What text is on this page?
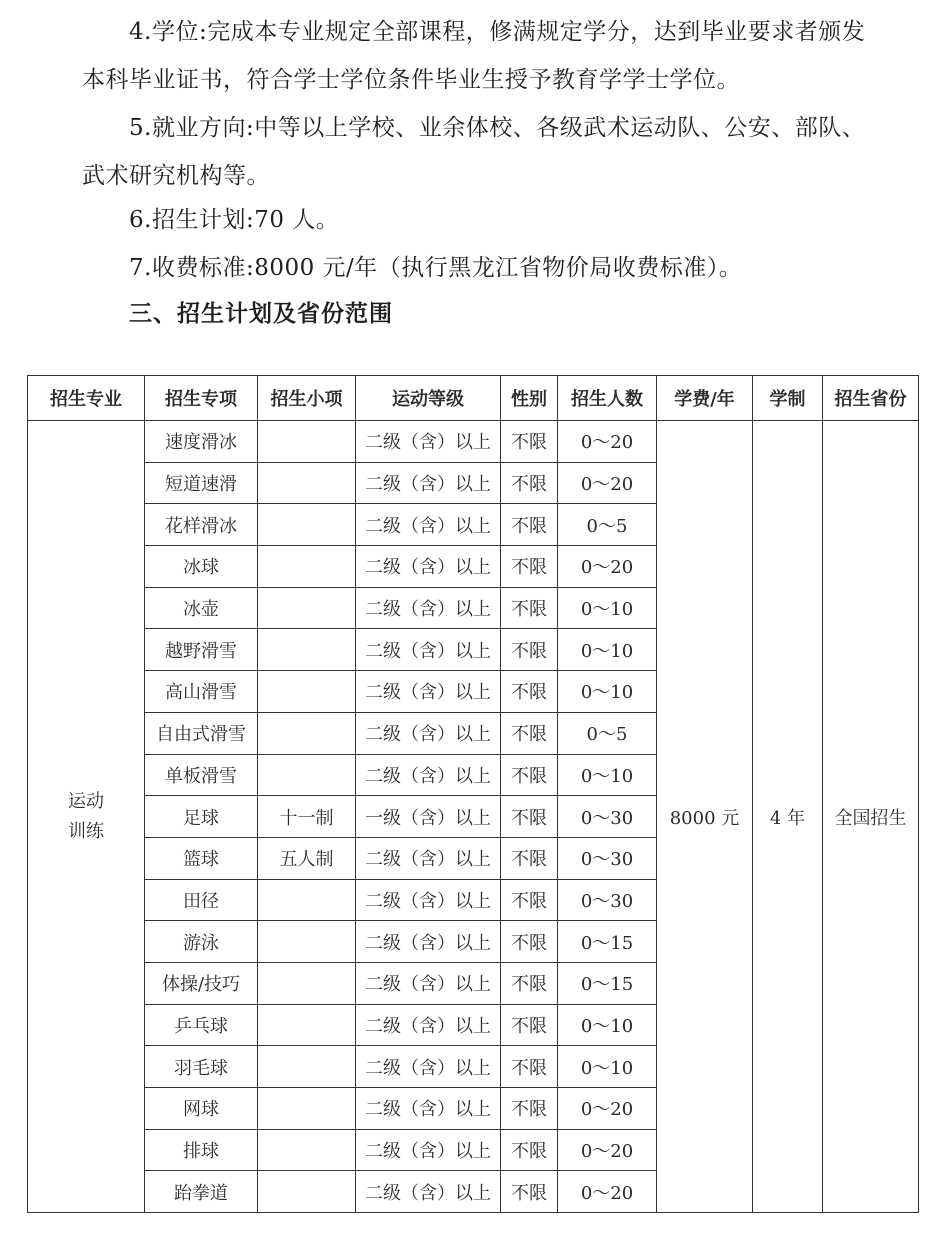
4.学位:完成本专业规定全部课程，修满规定学分，达到毕业要求者颁发本科毕业证书，符合学士学位条件毕业生授予教育学学士学位。

5.就业方向:中等以上学校、业余体校、各级武术运动队、公安、部队、武术研究机构等。

6.招生计划:70 人。

7.收费标准:8000 元/年（执行黑龙江省物价局收费标准）。

三、招生计划及省份范围
招生专业	招生专项	招生小项	运动等级	性别	招生人数	学费/年	学制	招生省份
运动
训练	速度滑冰		二级（含）以上	不限	0～20	8000 元	4 年	全国招生
	短道速滑		二级（含）以上	不限	0～20			
	花样滑冰		二级（含）以上	不限	0～5			
	冰球		二级（含）以上	不限	0～20			
	冰壶		二级（含）以上	不限	0～10			
	越野滑雪		二级（含）以上	不限	0～10			
	高山滑雪		二级（含）以上	不限	0～10			
	自由式滑雪		二级（含）以上	不限	0～5			
	单板滑雪		二级（含）以上	不限	0～10			
	足球	十一制	一级（含）以上	不限	0～30			
	篮球	五人制	二级（含）以上	不限	0～30			
	田径		二级（含）以上	不限	0～30			
	游泳		二级（含）以上	不限	0～15			
	体操/技巧		二级（含）以上	不限	0～15			
	乒乓球		二级（含）以上	不限	0～10			
	羽毛球		二级（含）以上	不限	0～10			
	网球		二级（含）以上	不限	0～20			
	排球		二级（含）以上	不限	0～20			
	跆拳道		二级（含）以上	不限	0～20			
